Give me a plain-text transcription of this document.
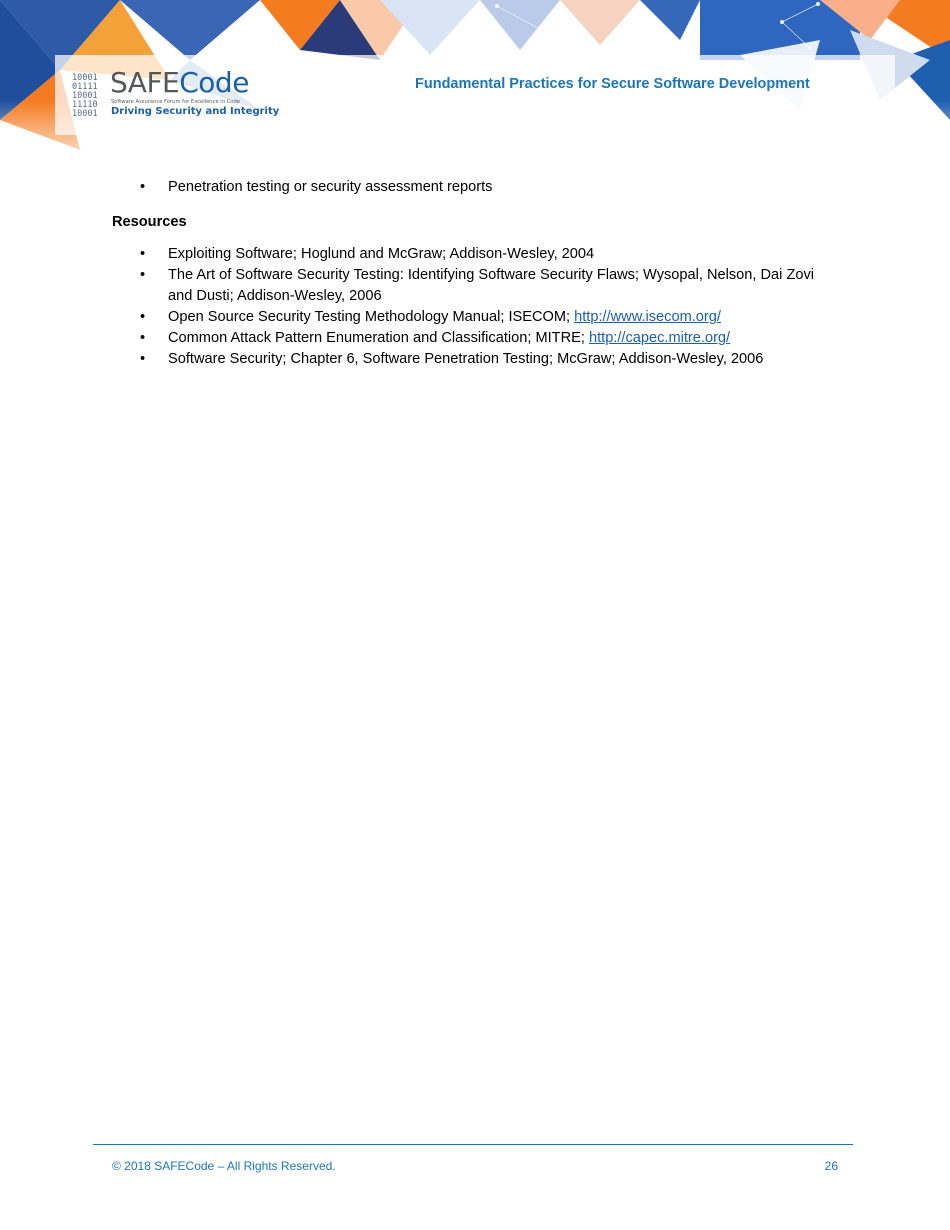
10001
01111
10001
11110
10001
SAFECode
Software Assurance Forum for Excellence in Code
Driving Security and Integrity
Fundamental Practices for Secure Software Development
• Penetration testing or security assessment reports
Resources
• Exploiting Software; Hoglund and McGraw; Addison-Wesley, 2004
• The Art of Software Security Testing: Identifying Software Security Flaws; Wysopal, Nelson, Dai Zovi and Dusti; Addison-Wesley, 2006
• Open Source Security Testing Methodology Manual; ISECOM; http://www.isecom.org/
• Common Attack Pattern Enumeration and Classification; MITRE; http://capec.mitre.org/
• Software Security; Chapter 6, Software Penetration Testing; McGraw; Addison-Wesley, 2006
© 2018 SAFECode – All Rights Reserved.	26
